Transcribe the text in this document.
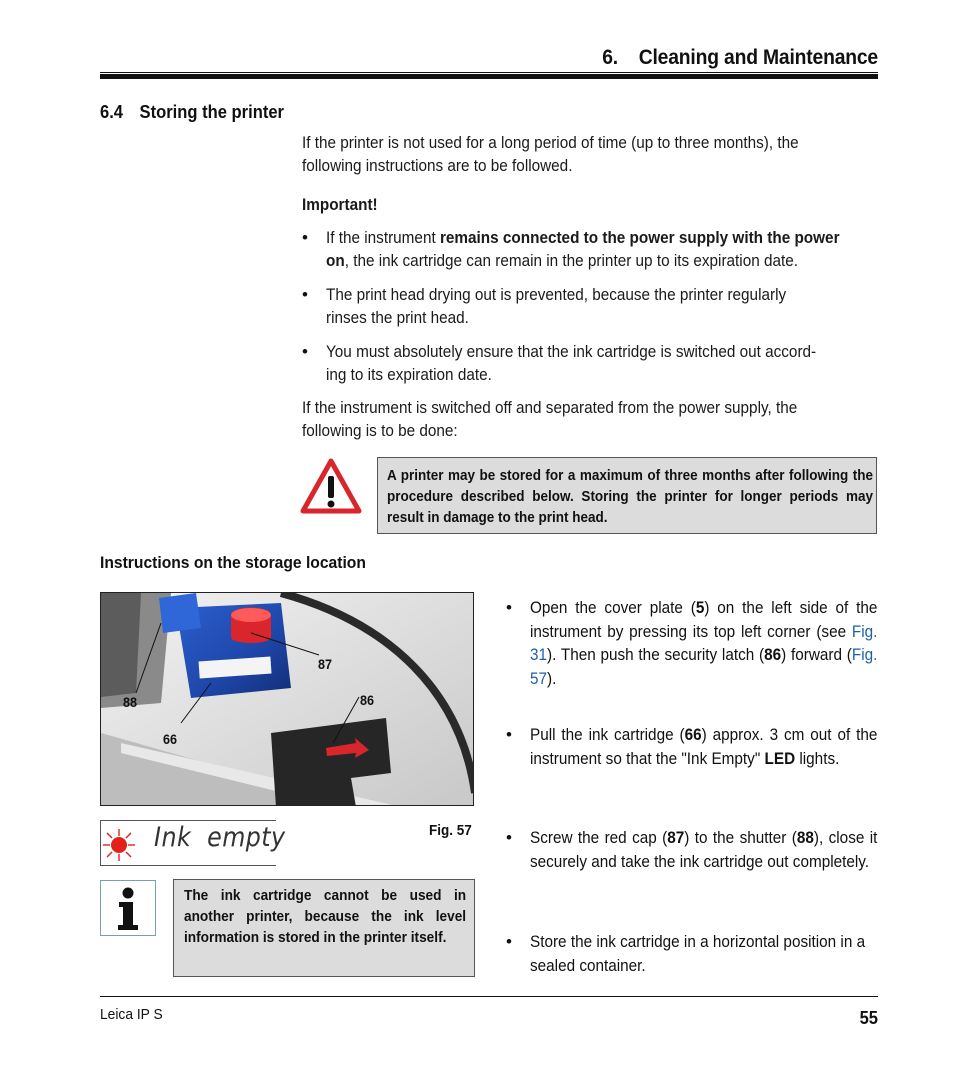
6.    Cleaning and Maintenance
6.4 Storing the printer
If the printer is not used for a long period of time (up to three months), the
following instructions are to be followed.
Important!
• If the instrument remains connected to the power supply with the power
on, the ink cartridge can remain in the printer up to its expiration date.
• The print head drying out is prevented, because the printer regularly
rinses the print head.
• You must absolutely ensure that the ink cartridge is switched out accord-
ing to its expiration date.
If the instrument is switched off and separated from the power supply, the
following is to be done:
A printer may be stored for a maximum of three months after following the procedure described below. Storing the printer for longer periods may result in damage to the print head.
Instructions on the storage location
87
88	86
66
Fig. 57
Ink  empty
The ink cartridge cannot be used in another printer, because the ink level information is stored in the printer itself.
• Open the cover plate (5) on the left side of the instrument by pressing its top left corner (see Fig. 31). Then push the security latch (86) forward (Fig. 57).
• Pull the ink cartridge (66) approx. 3 cm out of the instrument so that the "Ink Empty" LED lights.
• Screw the red cap (87) to the shutter (88), close it securely and take the ink cartridge out completely.
• Store the ink cartridge in a horizontal position in a sealed container.
Leica IP S	55
